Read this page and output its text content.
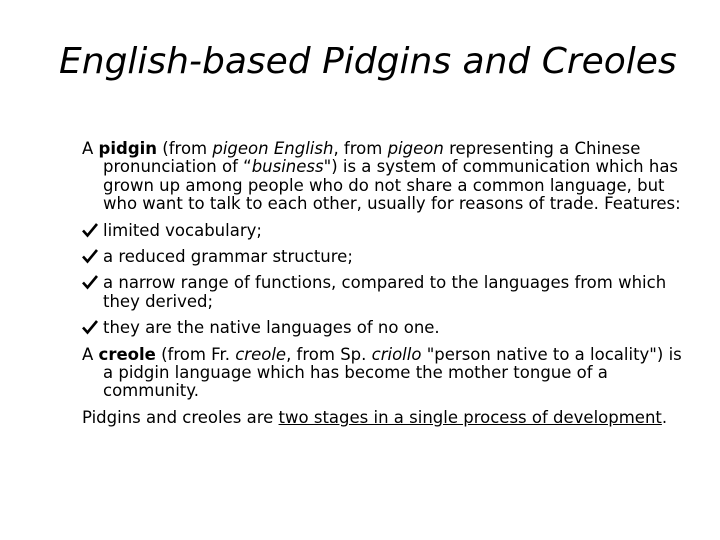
English-based Pidgins and Creoles

A pidgin (from pigeon English, from pigeon representing a Chinese pronunciation of “business") is a system of communication which has grown up among people who do not share a common language, but who want to talk to each other, usually for reasons of trade. Features:

limited vocabulary;

a reduced grammar structure;

a narrow range of functions, compared to the languages from which they derived;

they are the native languages of no one.

A creole (from Fr. creole, from Sp. criollo "person native to a locality") is a pidgin language which has become the mother tongue of a community.

Pidgins and creoles are two stages in a single process of development.
